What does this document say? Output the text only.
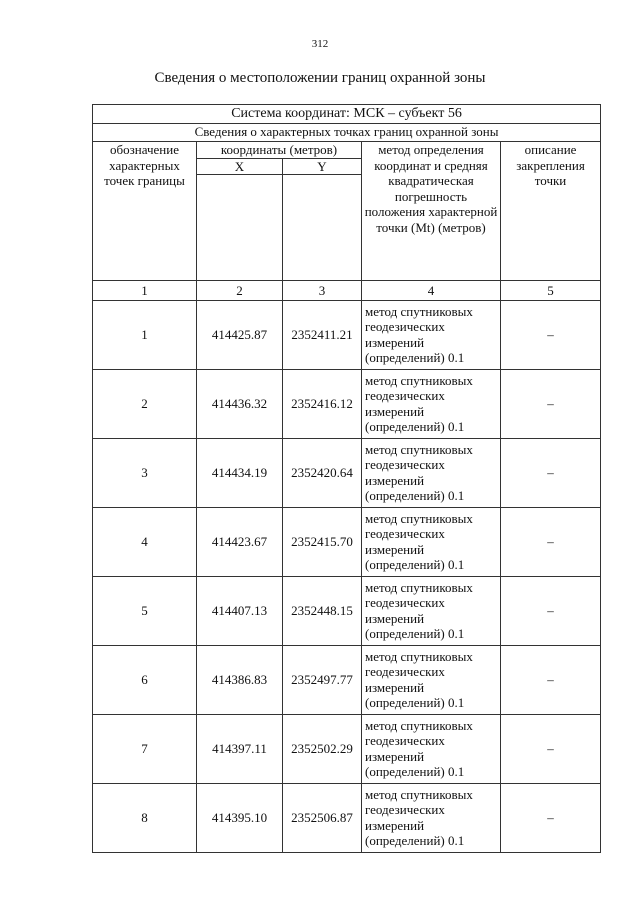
312
Сведения о местоположении границ охранной зоны
Система координат: МСК – субъект 56				
Сведения о характерных точках границ охранной зоны				
обозначение характерных точек границы	координаты (метров)		метод определения координат и средняя квадратическая погрешность положения характерной точки (Mt) (метров)	описание закрепления точки
	X	Y		

1	2	3	4	5
1	414425.87	2352411.21	метод спутниковых геодезических измерений (определений) 0.1	–
2	414436.32	2352416.12	метод спутниковых геодезических измерений (определений) 0.1	–
3	414434.19	2352420.64	метод спутниковых геодезических измерений (определений) 0.1	–
4	414423.67	2352415.70	метод спутниковых геодезических измерений (определений) 0.1	–
5	414407.13	2352448.15	метод спутниковых геодезических измерений (определений) 0.1	–
6	414386.83	2352497.77	метод спутниковых геодезических измерений (определений) 0.1	–
7	414397.11	2352502.29	метод спутниковых геодезических измерений (определений) 0.1	–
8	414395.10	2352506.87	метод спутниковых геодезических измерений (определений) 0.1	–
